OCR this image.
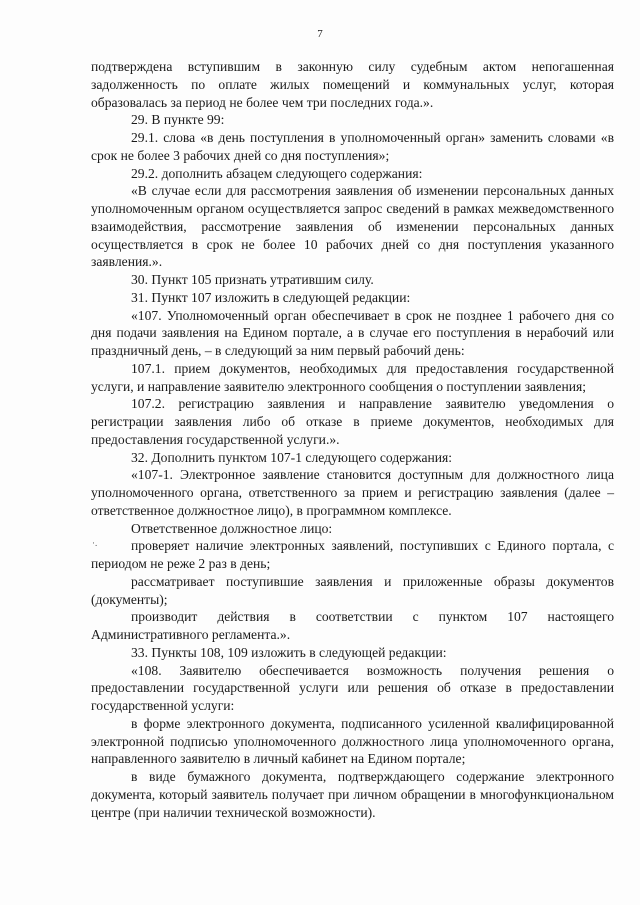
7

подтверждена вступившим в законную силу судебным актом непогашенная задолженность по оплате жилых помещений и коммунальных услуг, которая образовалась за период не более чем три последних года.».

29. В пункте 99:

29.1. слова «в день поступления в уполномоченный орган» заменить словами «в срок не более 3 рабочих дней со дня поступления»;

29.2. дополнить абзацем следующего содержания:

«В случае если для рассмотрения заявления об изменении персональных данных уполномоченным органом осуществляется запрос сведений в рамках межведомственного взаимодействия, рассмотрение заявления об изменении персональных данных осуществляется в срок не более 10 рабочих дней со дня поступления указанного заявления.».

30. Пункт 105 признать утратившим силу.

31. Пункт 107 изложить в следующей редакции:

«107. Уполномоченный орган обеспечивает в срок не позднее 1 рабочего дня со дня подачи заявления на Едином портале, а в случае его поступления в нерабочий или праздничный день, – в следующий за ним первый рабочий день:

107.1. прием документов, необходимых для предоставления государственной услуги, и направление заявителю электронного сообщения о поступлении заявления;

107.2. регистрацию заявления и направление заявителю уведомления о регистрации заявления либо об отказе в приеме документов, необходимых для предоставления государственной услуги.».

32. Дополнить пунктом 107-1 следующего содержания:

«107-1. Электронное заявление становится доступным для должностного лица уполномоченного органа, ответственного за прием и регистрацию заявления (далее – ответственное должностное лицо), в программном комплексе.

Ответственное должностное лицо:

проверяет наличие электронных заявлений, поступивших с Единого портала, с периодом не реже 2 раз в день;

рассматривает поступившие заявления и приложенные образы документов (документы);

производит действия в соответствии с пунктом 107 настоящего Административного регламента.».

33. Пункты 108, 109 изложить в следующей редакции:

«108. Заявителю обеспечивается возможность получения решения о предоставлении государственной услуги или решения об отказе в предоставлении государственной услуги:

в форме электронного документа, подписанного усиленной квалифицированной электронной подписью уполномоченного должностного лица уполномоченного органа, направленного заявителю в личный кабинет на Едином портале;

в виде бумажного документа, подтверждающего содержание электронного документа, который заявитель получает при личном обращении в многофункциональном центре (при наличии технической возможности).

·.
